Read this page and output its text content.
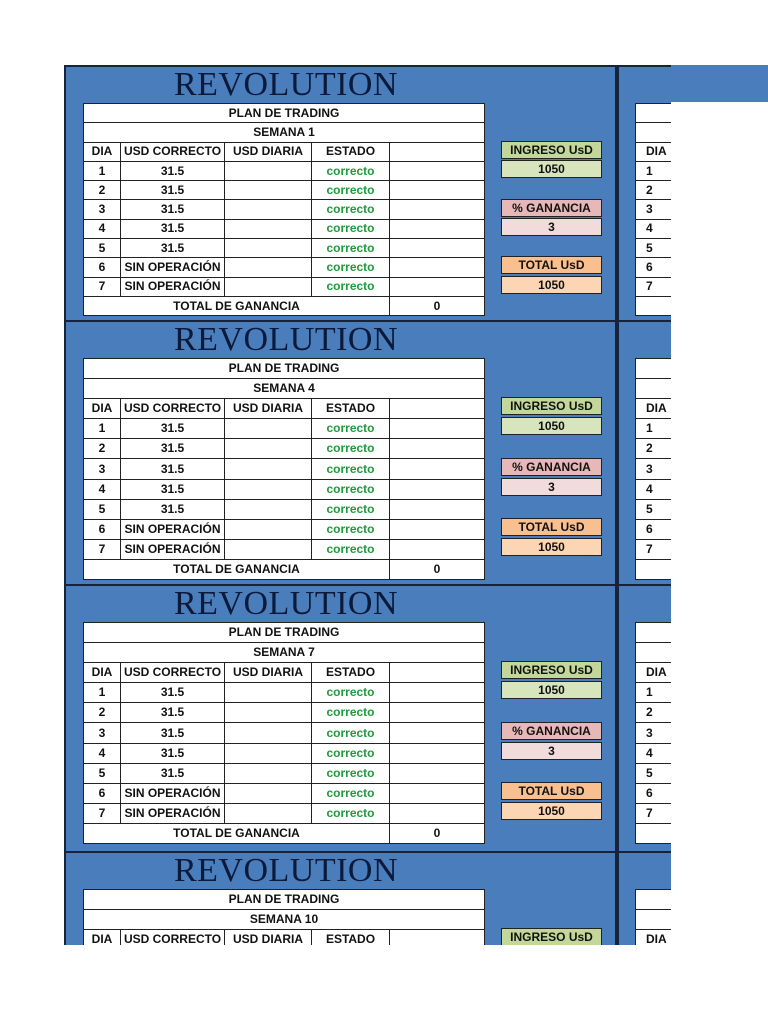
REVOLUTION
PLAN DE TRADING				
SEMANA 1				
DIA	USD CORRECTO	USD DIARIA	ESTADO	
1	31.5		correcto	
2	31.5		correcto	
3	31.5		correcto	
4	31.5		correcto	
5	31.5		correcto	
6	SIN OPERACIÓN		correcto	
7	SIN OPERACIÓN		correcto	
TOTAL DE GANANCIA				0
INGRESO UsD
1050
% GANANCIA
3
TOTAL UsD
1050

DIA
1
2
3
4
5
6
7

REVOLUTION
PLAN DE TRADING				
SEMANA 4				
DIA	USD CORRECTO	USD DIARIA	ESTADO	
1	31.5		correcto	
2	31.5		correcto	
3	31.5		correcto	
4	31.5		correcto	
5	31.5		correcto	
6	SIN OPERACIÓN		correcto	
7	SIN OPERACIÓN		correcto	
TOTAL DE GANANCIA				0
INGRESO UsD
1050
% GANANCIA
3
TOTAL UsD
1050

DIA
1
2
3
4
5
6
7

REVOLUTION
PLAN DE TRADING				
SEMANA 7				
DIA	USD CORRECTO	USD DIARIA	ESTADO	
1	31.5		correcto	
2	31.5		correcto	
3	31.5		correcto	
4	31.5		correcto	
5	31.5		correcto	
6	SIN OPERACIÓN		correcto	
7	SIN OPERACIÓN		correcto	
TOTAL DE GANANCIA				0
INGRESO UsD
1050
% GANANCIA
3
TOTAL UsD
1050

DIA
1
2
3
4
5
6
7

REVOLUTION
PLAN DE TRADING
SEMANA 10
DIA	USD CORRECTO	USD DIARIA	ESTADO		INGRESO UsD	DIA
